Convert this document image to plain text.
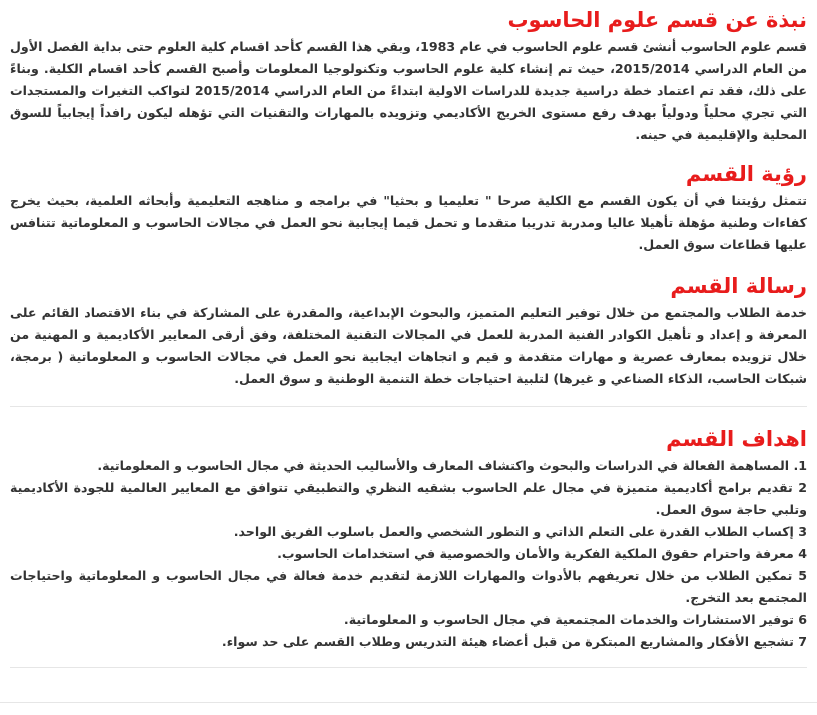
نبذة عن قسم علوم الحاسوب

قسم علوم الحاسوب أنشئ قسم علوم الحاسوب في عام 1983، وبقي هذا القسم كأحد اقسام كلية العلوم حتى بداية الفصل الأول من العام الدراسي 2015/2014، حيث تم إنشاء كلية علوم الحاسوب وتكنولوجيا المعلومات وأصبح القسم كأحد اقسام الكلية. وبناءً على ذلك، فقد تم اعتماد خطة دراسية جديدة للدراسات الاولية ابتداءً من العام الدراسي 2015/2014 لتواكب التغيرات والمستجدات التي تجري محلياً ودولياً بهدف رفع مستوى الخريج الأكاديمي وتزويده بالمهارات والتقنيات التي تؤهله ليكون رافداً إيجابياً للسوق المحلية والإقليمية في حينه.

رؤية القسم

تتمثل رؤيتنا في أن يكون القسم مع الكلية صرحا " تعليميا و بحثيا" في برامجه و مناهجه التعليمية وأبحاثه العلمية، بحيث يخرج كفاءات وطنية مؤهلة تأهيلا عاليا ومدربة تدريبا متقدما و تحمل قيما إيجابية نحو العمل في مجالات الحاسوب و المعلوماتية تتنافس عليها قطاعات سوق العمل.

رسالة القسم

خدمة الطلاب والمجتمع من خلال توفير التعليم المتميز، والبحوث الإبداعية، والمقدرة على المشاركة في بناء الاقتصاد القائم على المعرفة و إعداد و تأهيل الكوادر الفنية المدربة للعمل في المجالات التقنية المختلفة، وفق أرقى المعايير الأكاديمية و المهنية من خلال تزويده بمعارف عصرية و مهارات متقدمة و قيم و اتجاهات ايجابية نحو العمل في مجالات الحاسوب و المعلوماتية ( برمجة، شبكات الحاسب، الذكاء الصناعي و غيرها) لتلبية احتياجات خطة التنمية الوطنية و سوق العمل.

اهداف القسم
1. المساهمة الفعالة في الدراسات والبحوث واكتشاف المعارف والأساليب الحديثة في مجال الحاسوب و المعلوماتية.
2 تقديم برامج أكاديمية متميزة في مجال علم الحاسوب بشقيه النظري والتطبيقي تتوافق مع المعايير العالمية للجودة الأكاديمية وتلبي حاجة سوق العمل.
3 إكساب الطلاب القدرة على التعلم الذاتي و التطور الشخصي والعمل باسلوب الفريق الواحد.
4 معرفة واحترام حقوق الملكية الفكرية والأمان والخصوصية في استخدامات الحاسوب.
5 تمكين الطلاب من خلال تعريفهم بالأدوات والمهارات اللازمة لتقديم خدمة فعالة في مجال الحاسوب و المعلوماتية واحتياجات المجتمع بعد التخرج.
6 توفير الاستشارات والخدمات المجتمعية في مجال الحاسوب و المعلوماتية.
7 تشجيع الأفكار والمشاريع المبتكرة من قبل أعضاء هيئة التدريس وطلاب القسم على حد سواء.
